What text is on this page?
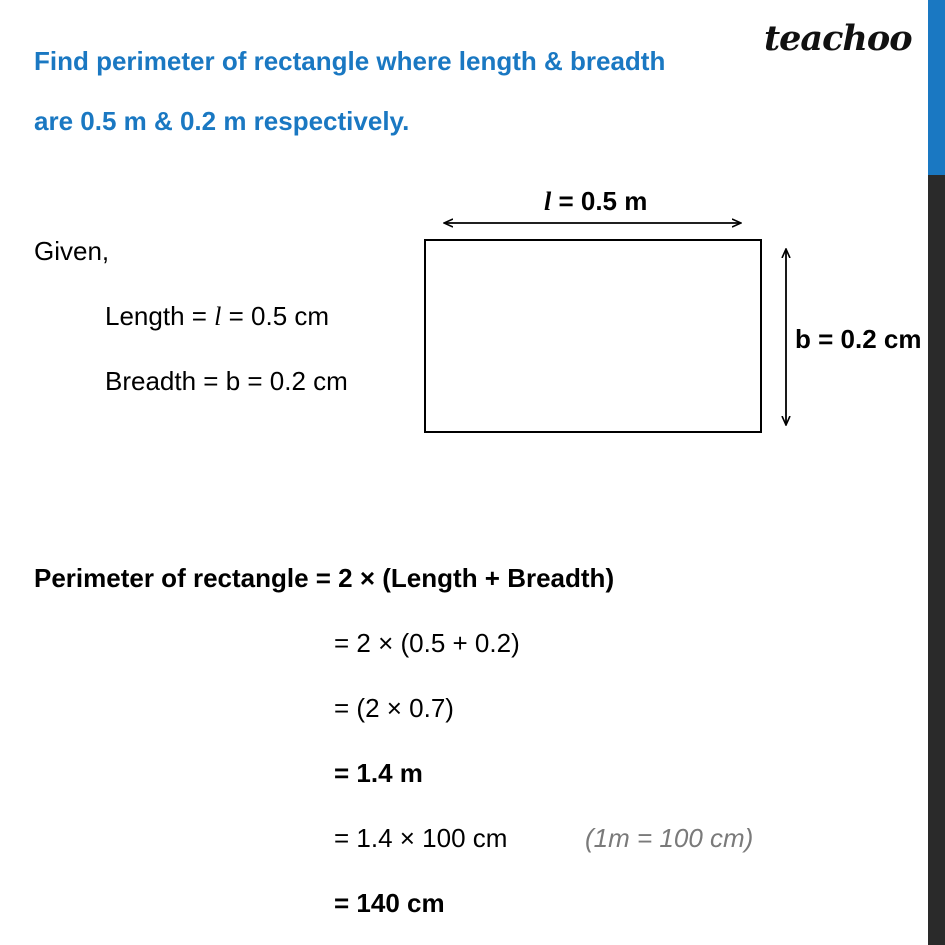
teachoo
Find perimeter of rectangle where length & breadth
are 0.5 m & 0.2 m respectively.
Given,
Length = l = 0.5 cm
Breadth = b = 0.2 cm
l = 0.5 m
b = 0.2 cm
Perimeter of rectangle = 2 × (Length + Breadth)
= 2 × (0.5 + 0.2)
= (2 × 0.7)
= 1.4 m
= 1.4 × 100 cm	(1m = 100 cm)
= 140 cm
